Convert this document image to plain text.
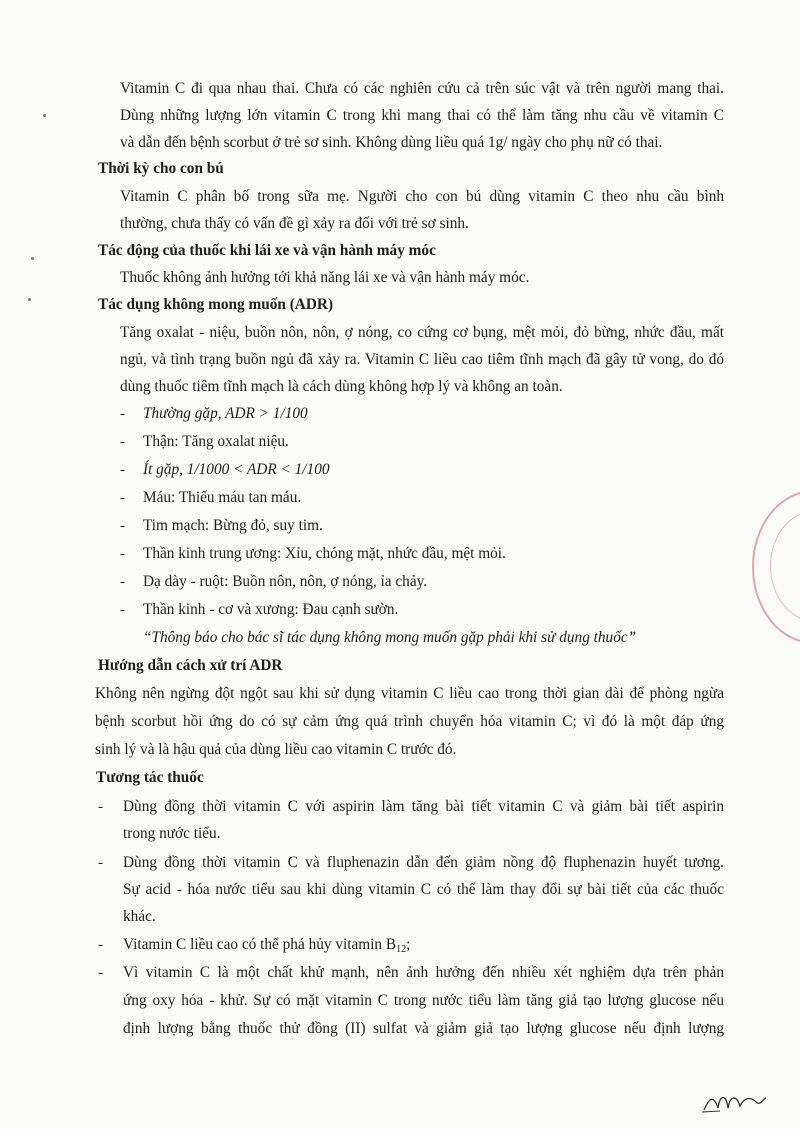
Vitamin C đi qua nhau thai. Chưa có các nghiên cứu cả trên súc vật và trên người mang thai.
Dùng những lượng lớn vitamin C trong khi mang thai có thể làm tăng nhu cầu về vitamin C
và dẫn đến bệnh scorbut ở trẻ sơ sinh. Không dùng liều quá 1g/ ngày cho phụ nữ có thai.
Thời kỳ cho con bú
Vitamin C phân bố trong sữa mẹ. Người cho con bú dùng vitamin C theo nhu cầu bình
thường, chưa thấy có vấn đề gì xảy ra đối với trẻ sơ sinh.
Tác động của thuốc khi lái xe và vận hành máy móc
Thuốc không ảnh hưởng tới khả năng lái xe và vận hành máy móc.
Tác dụng không mong muốn (ADR)
Tăng oxalat - niệu, buồn nôn, nôn, ợ nóng, co cứng cơ bụng, mệt mỏi, đỏ bừng, nhức đầu, mất
ngủ, và tình trạng buồn ngủ đã xảy ra. Vitamin C liều cao tiêm tĩnh mạch đã gây tử vong, do đó
dùng thuốc tiêm tĩnh mạch là cách dùng không hợp lý và không an toàn.
- Thường gặp, ADR > 1/100
- Thận: Tăng oxalat niệu.
- Ít gặp, 1/1000 < ADR < 1/100
- Máu: Thiếu máu tan máu.
- Tim mạch: Bừng đỏ, suy tim.
- Thần kinh trung ương: Xỉu, chóng mặt, nhức đầu, mệt mỏi.
- Dạ dày - ruột: Buồn nôn, nôn, ợ nóng, ỉa chảy.
- Thần kinh - cơ và xương: Đau cạnh sườn.
“Thông báo cho bác sĩ tác dụng không mong muốn gặp phải khi sử dụng thuốc”
Hướng dẫn cách xử trí ADR
Không nên ngừng đột ngột sau khi sử dụng vitamin C liều cao trong thời gian dài để phòng ngừa
bệnh scorbut hồi ứng do có sự cảm ứng quá trình chuyển hóa vitamin C; vì đó là một đáp ứng
sinh lý và là hậu quả của dùng liều cao vitamin C trước đó.
Tương tác thuốc
- Dùng đồng thời vitamin C với aspirin làm tăng bài tiết vitamin C và giảm bài tiết aspirin
trong nước tiểu.
- Dùng đồng thời vitamin C và fluphenazin dẫn đến giảm nồng độ fluphenazin huyết tương.
Sự acid - hóa nước tiểu sau khi dùng vitamin C có thể làm thay đổi sự bài tiết của các thuốc
khác.
- Vitamin C liều cao có thể phá hủy vitamin $B_{12}$;
- Vì vitamin C là một chất khử mạnh, nên ảnh hưởng đến nhiều xét nghiệm dựa trên phản
ứng oxy hóa - khử. Sự có mặt vitamin C trong nước tiểu làm tăng giả tạo lượng glucose nếu
định lượng bằng thuốc thử đồng (II) sulfat và giảm giả tạo lượng glucose nếu định lượng
